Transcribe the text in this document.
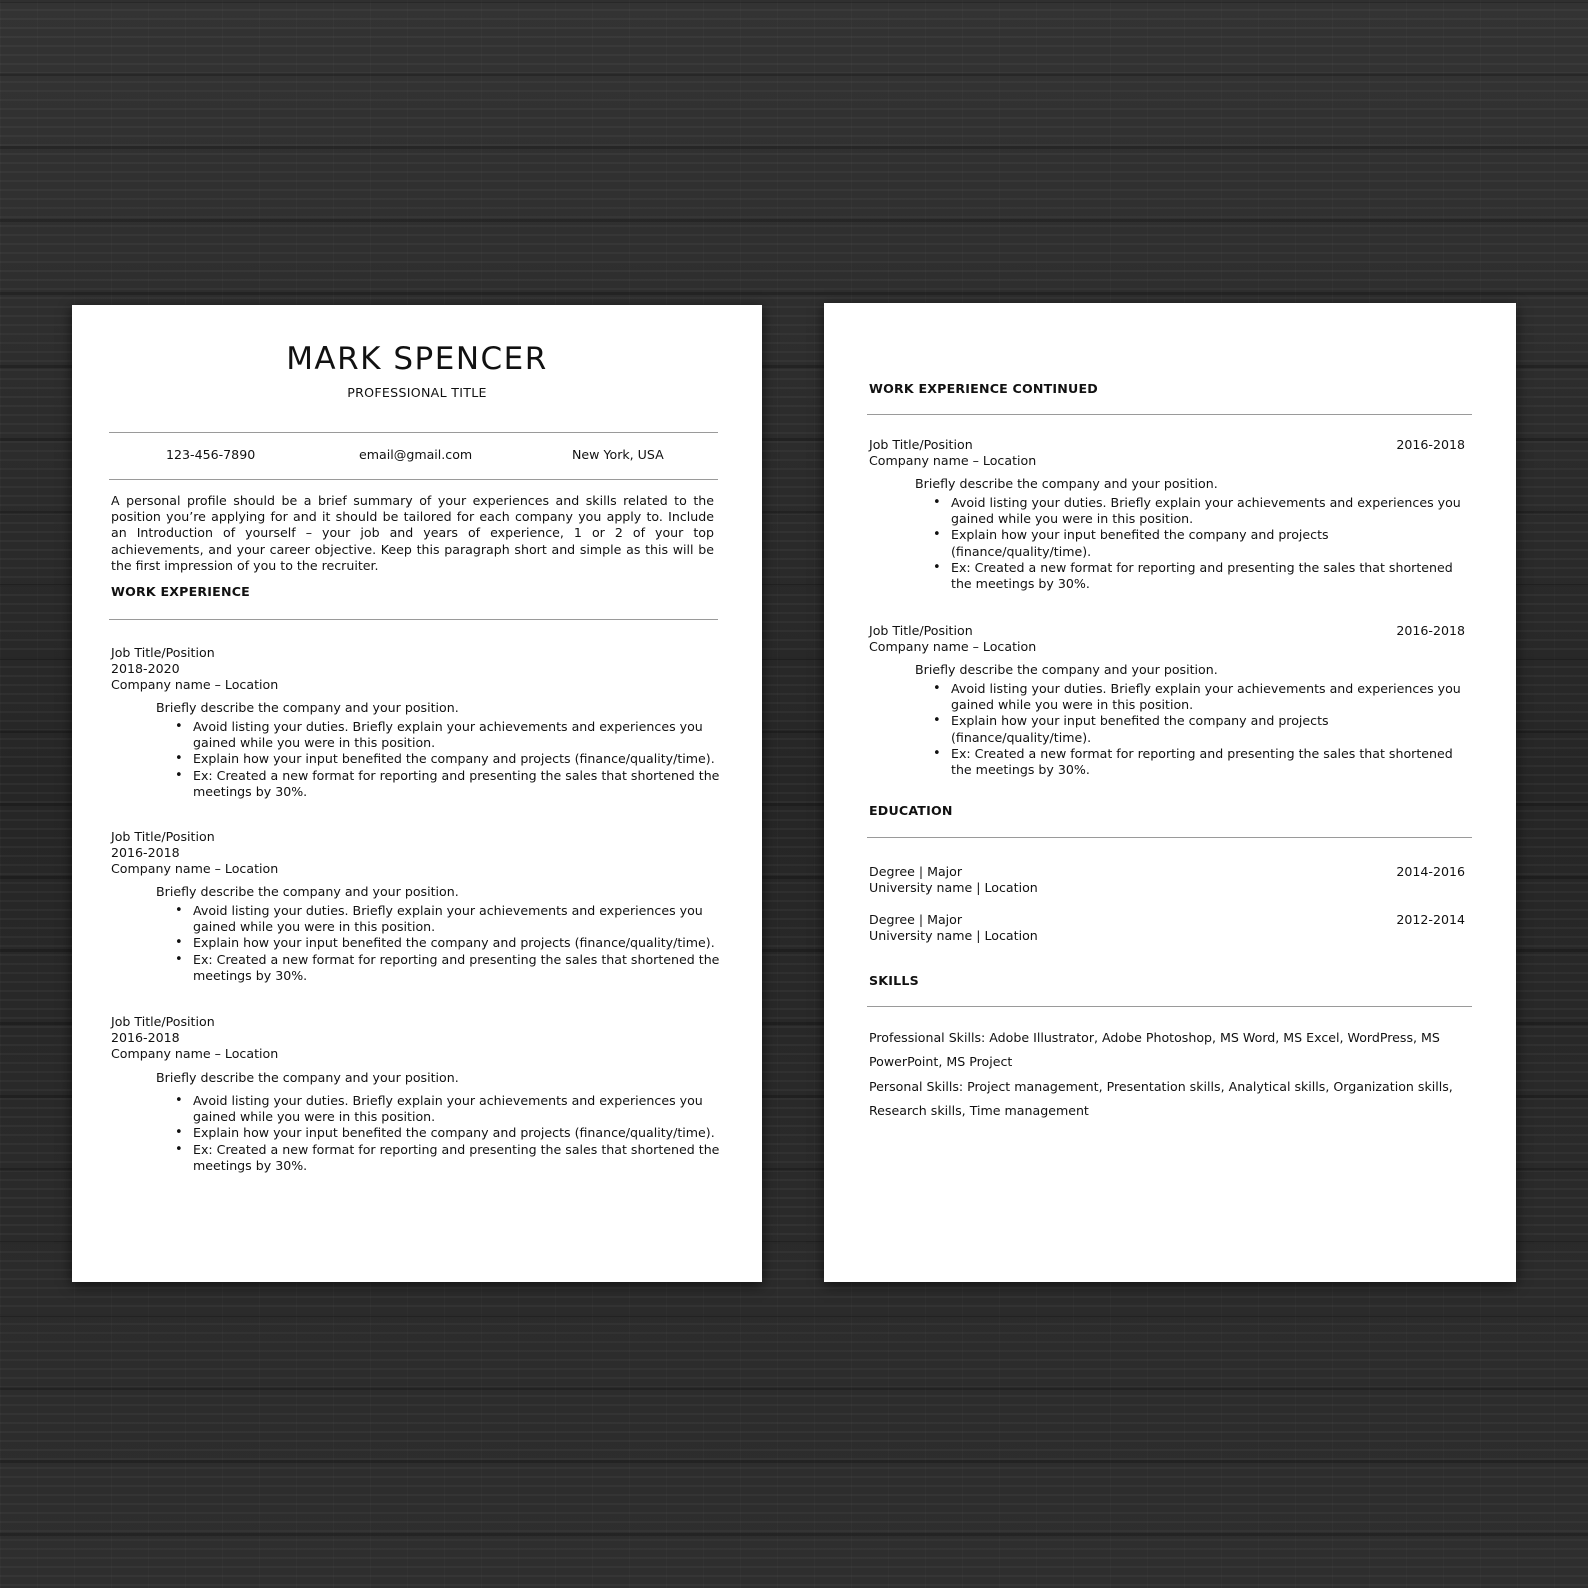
MARK SPENCER
PROFESSIONAL TITLE
123-456-7890	email@gmail.com	New York, USA
A personal profile should be a brief summary of your experiences and skills related to the position you’re applying for and it should be tailored for each company you apply to. Include an Introduction of yourself – your job and years of experience, 1 or 2 of your top achievements, and your career objective. Keep this paragraph short and simple as this will be the first impression of you to the recruiter.
WORK EXPERIENCE
Job Title/Position
2018-2020
Company name – Location
Briefly describe the company and your position.
• Avoid listing your duties. Briefly explain your achievements and experiences you gained while you were in this position.
• Explain how your input benefited the company and projects (finance/quality/time).
• Ex: Created a new format for reporting and presenting the sales that shortened the meetings by 30%.
Job Title/Position
2016-2018
Company name – Location
Briefly describe the company and your position.
• Avoid listing your duties. Briefly explain your achievements and experiences you gained while you were in this position.
• Explain how your input benefited the company and projects (finance/quality/time).
• Ex: Created a new format for reporting and presenting the sales that shortened the meetings by 30%.
Job Title/Position
2016-2018
Company name – Location
Briefly describe the company and your position.
• Avoid listing your duties. Briefly explain your achievements and experiences you gained while you were in this position.
• Explain how your input benefited the company and projects (finance/quality/time).
• Ex: Created a new format for reporting and presenting the sales that shortened the meetings by 30%.
WORK EXPERIENCE CONTINUED
Job Title/Position	2016-2018
Company name – Location
Briefly describe the company and your position.
• Avoid listing your duties. Briefly explain your achievements and experiences you gained while you were in this position.
• Explain how your input benefited the company and projects (finance/quality/time).
• Ex: Created a new format for reporting and presenting the sales that shortened the meetings by 30%.
Job Title/Position	2016-2018
Company name – Location
Briefly describe the company and your position.
• Avoid listing your duties. Briefly explain your achievements and experiences you gained while you were in this position.
• Explain how your input benefited the company and projects (finance/quality/time).
• Ex: Created a new format for reporting and presenting the sales that shortened the meetings by 30%.
EDUCATION
Degree | Major	2014-2016
University name | Location
Degree | Major	2012-2014
University name | Location
SKILLS
Professional Skills: Adobe Illustrator, Adobe Photoshop, MS Word, MS Excel, WordPress, MS PowerPoint, MS Project
Personal Skills: Project management, Presentation skills, Analytical skills, Organization skills, Research skills, Time management
